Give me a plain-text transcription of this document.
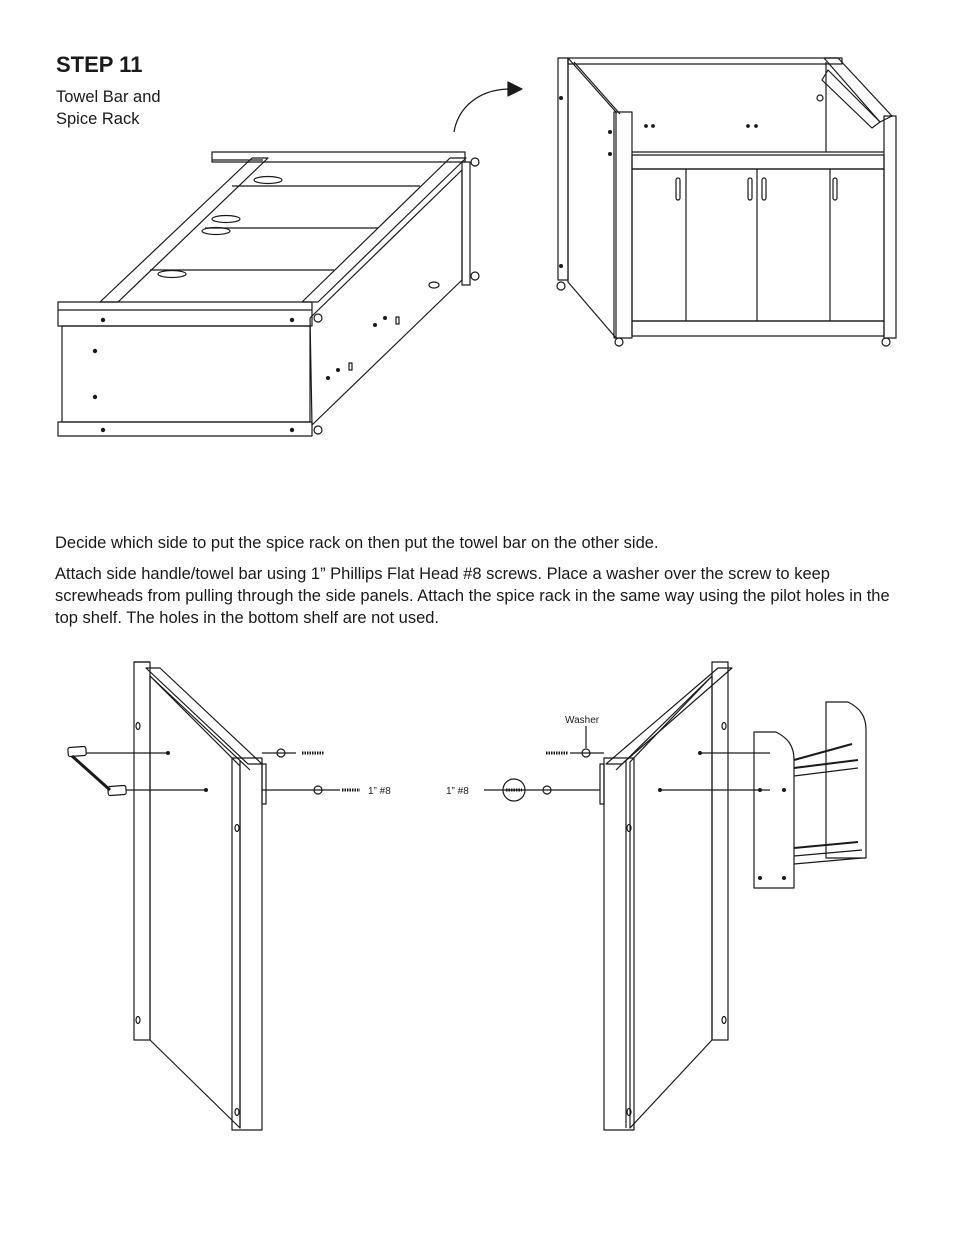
STEP 11
Towel Bar and
Spice Rack
1” #8	1” #8
Washer

Decide which side to put the spice rack on then put the towel bar on the other side.

Attach side handle/towel bar using 1” Phillips Flat Head #8 screws. Place a washer over the screw to keep screwheads from pulling through the side panels. Attach the spice rack in the same way using the pilot holes in the top shelf. The holes in the bottom shelf are not used.
